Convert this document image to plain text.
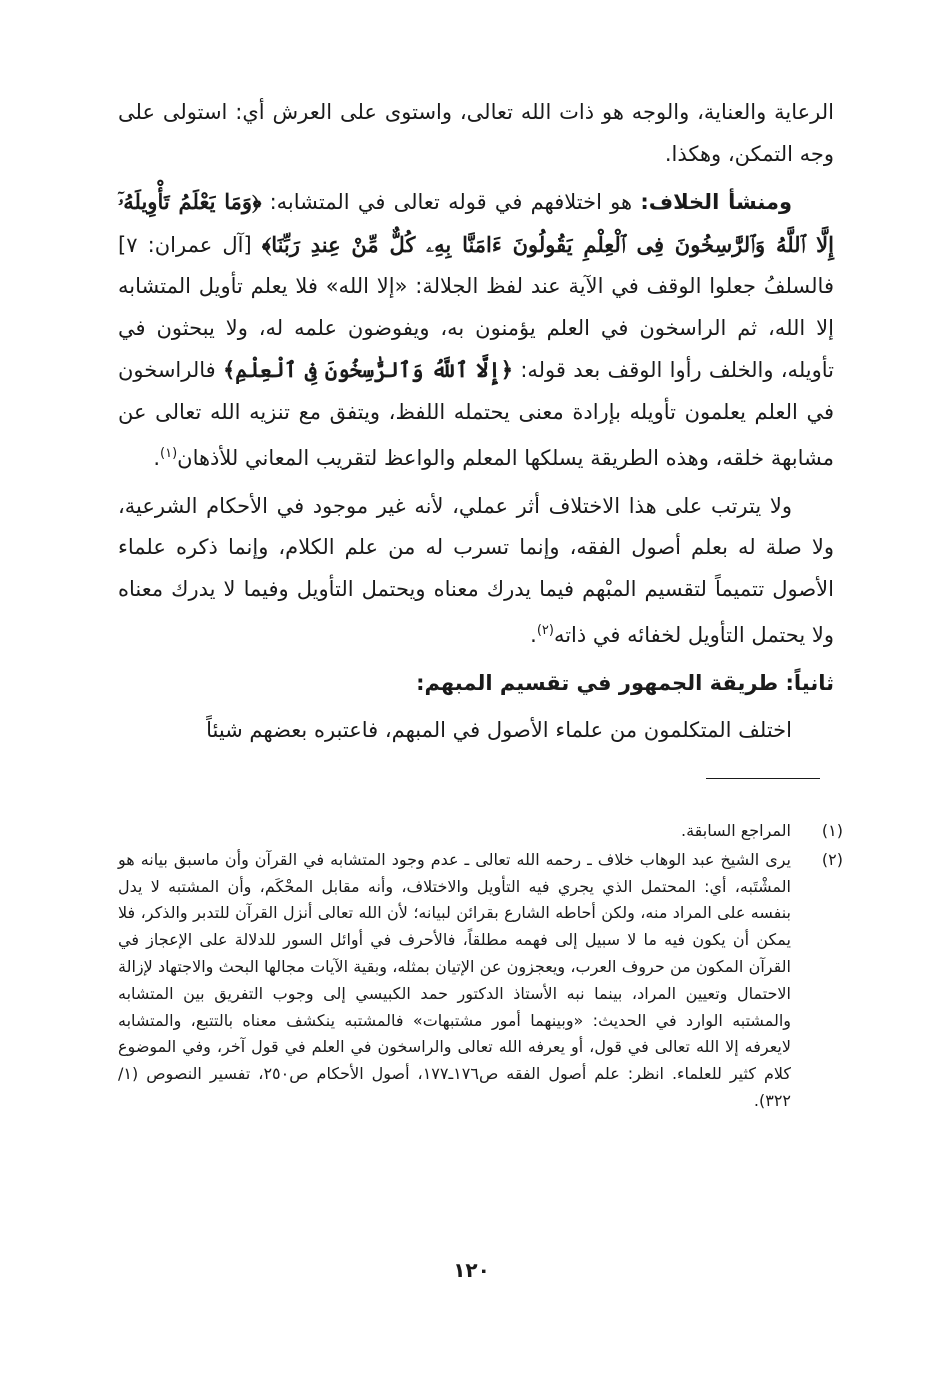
الرعاية والعناية، والوجه هو ذات الله تعالى، واستوى على العرش أي: استولى على وجه التمكن، وهكذا.

ومنشأ الخلاف: هو اختلافهم في قوله تعالى في المتشابه: ﴿وَمَا يَعْلَمُ تَأْوِيلَهُۥٓ إِلَّا ٱللَّهُ وَٱلرَّٰسِخُونَ فِى ٱلْعِلْمِ يَقُولُونَ ءَامَنَّا بِهِۦ كُلٌّ مِّنْ عِندِ رَبِّنَا﴾ [آل عمران: ٧] فالسلفُ جعلوا الوقف في الآية عند لفظ الجلالة: «إلا الله» فلا يعلم تأويل المتشابه إلا الله، ثم الراسخون في العلم يؤمنون به، ويفوضون علمه له، ولا يبحثون في تأويله، والخلف رأوا الوقف بعد قوله: ﴿إِلَّا ٱللَّهُ وَٱلرَّٰسِخُونَ فِى ٱلْعِلْمِ﴾ فالراسخون في العلم يعلمون تأويله بإرادة معنى يحتمله اللفظ، ويتفق مع تنزيه الله تعالى عن مشابهة خلقه، وهذه الطريقة يسلكها المعلم والواعظ لتقريب المعاني للأذهان$^{(١)}$.

ولا يترتب على هذا الاختلاف أثر عملي، لأنه غير موجود في الأحكام الشرعية، ولا صلة له بعلم أصول الفقه، وإنما تسرب له من علم الكلام، وإنما ذكره علماء الأصول تتميماً لتقسيم المبْهم فيما يدرك معناه ويحتمل التأويل وفيما لا يدرك معناه ولا يحتمل التأويل لخفائه في ذاته$^{(٢)}$.

ثانياً: طريقة الجمهور في تقسيم المبهم:

اختلف المتكلمون من علماء الأصول في المبهم، فاعتبره بعضهم شيئاً

(١)
المراجع السابقة.
(٢)
يرى الشيخ عبد الوهاب خلاف ـ رحمه الله تعالى ـ عدم وجود المتشابه في القرآن وأن ماسبق بيانه هو المشْتَبه، أي: المحتمل الذي يجري فيه التأويل والاختلاف، وأنه مقابل المحْكَم، وأن المشتبه لا يدل بنفسه على المراد منه، ولكن أحاطه الشارع بقرائن لبيانه؛ لأن الله تعالى أنزل القرآن للتدبر والذكر، فلا يمكن أن يكون فيه ما لا سبيل إلى فهمه مطلقاً، فالأحرف في أوائل السور للدلالة على الإعجاز في القرآن المكون من حروف العرب، ويعجزون عن الإتيان بمثله، وبقية الآيات مجالها البحث والاجتهاد لإزالة الاحتمال وتعيين المراد، بينما نبه الأستاذ الدكتور حمد الكبيسي إلى وجوب التفريق بين المتشابه والمشتبه الوارد في الحديث: «وبينهما أمور مشتبهات» فالمشتبه ينكشف معناه بالتتبع، والمتشابه لايعرفه إلا الله تعالى في قول، أو يعرفه الله تعالى والراسخون في العلم في قول آخر، وفي الموضوع كلام كثير للعلماء. انظر: علم أصول الفقه ص١٧٦ـ١٧٧، أصول الأحكام ص٢٥٠، تفسير النصوص (١/ ٣٢٢).
١٢٠
